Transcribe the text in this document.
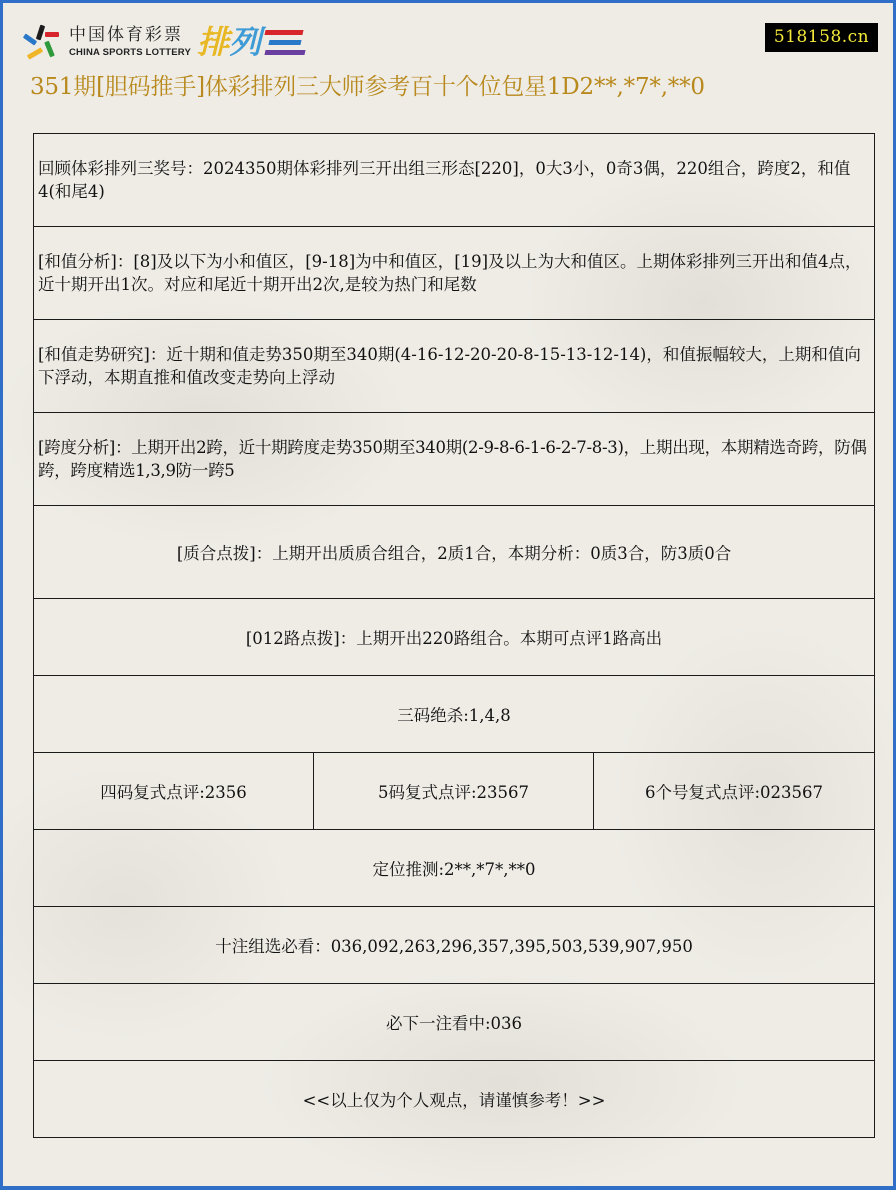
中国体育彩票
CHINA SPORTS LOTTERY 排 列	518158.cn
351期[胆码推手]体彩排列三大师参考百十个位包星1D2**,*7*,**0
回顾体彩排列三奖号：2024350期体彩排列三开出组三形态[220]，0大3小，0奇3偶，220组合，跨度2，和值4(和尾4)
[和值分析]：[8]及以下为小和值区，[9-18]为中和值区，[19]及以上为大和值区。上期体彩排列三开出和值4点，近十期开出1次。对应和尾近十期开出2次,是较为热门和尾数
[和值走势研究]：近十期和值走势350期至340期(4-16-12-20-20-8-15-13-12-14)，和值振幅较大，上期和值向下浮动，本期直推和值改变走势向上浮动
[跨度分析]：上期开出2跨，近十期跨度走势350期至340期(2-9-8-6-1-6-2-7-8-3)，上期出现，本期精选奇跨，防偶跨，跨度精选1,3,9防一跨5
[质合点拨]：上期开出质质合组合，2质1合，本期分析：0质3合，防3质0合
[012路点拨]：上期开出220路组合。本期可点评1路高出
三码绝杀:1,4,8
四码复式点评:2356	5码复式点评:23567	6个号复式点评:023567
定位推测:2**,*7*,**0
十注组选必看：036,092,263,296,357,395,503,539,907,950
必下一注看中:036
<<以上仅为个人观点，请谨慎参考！>>
